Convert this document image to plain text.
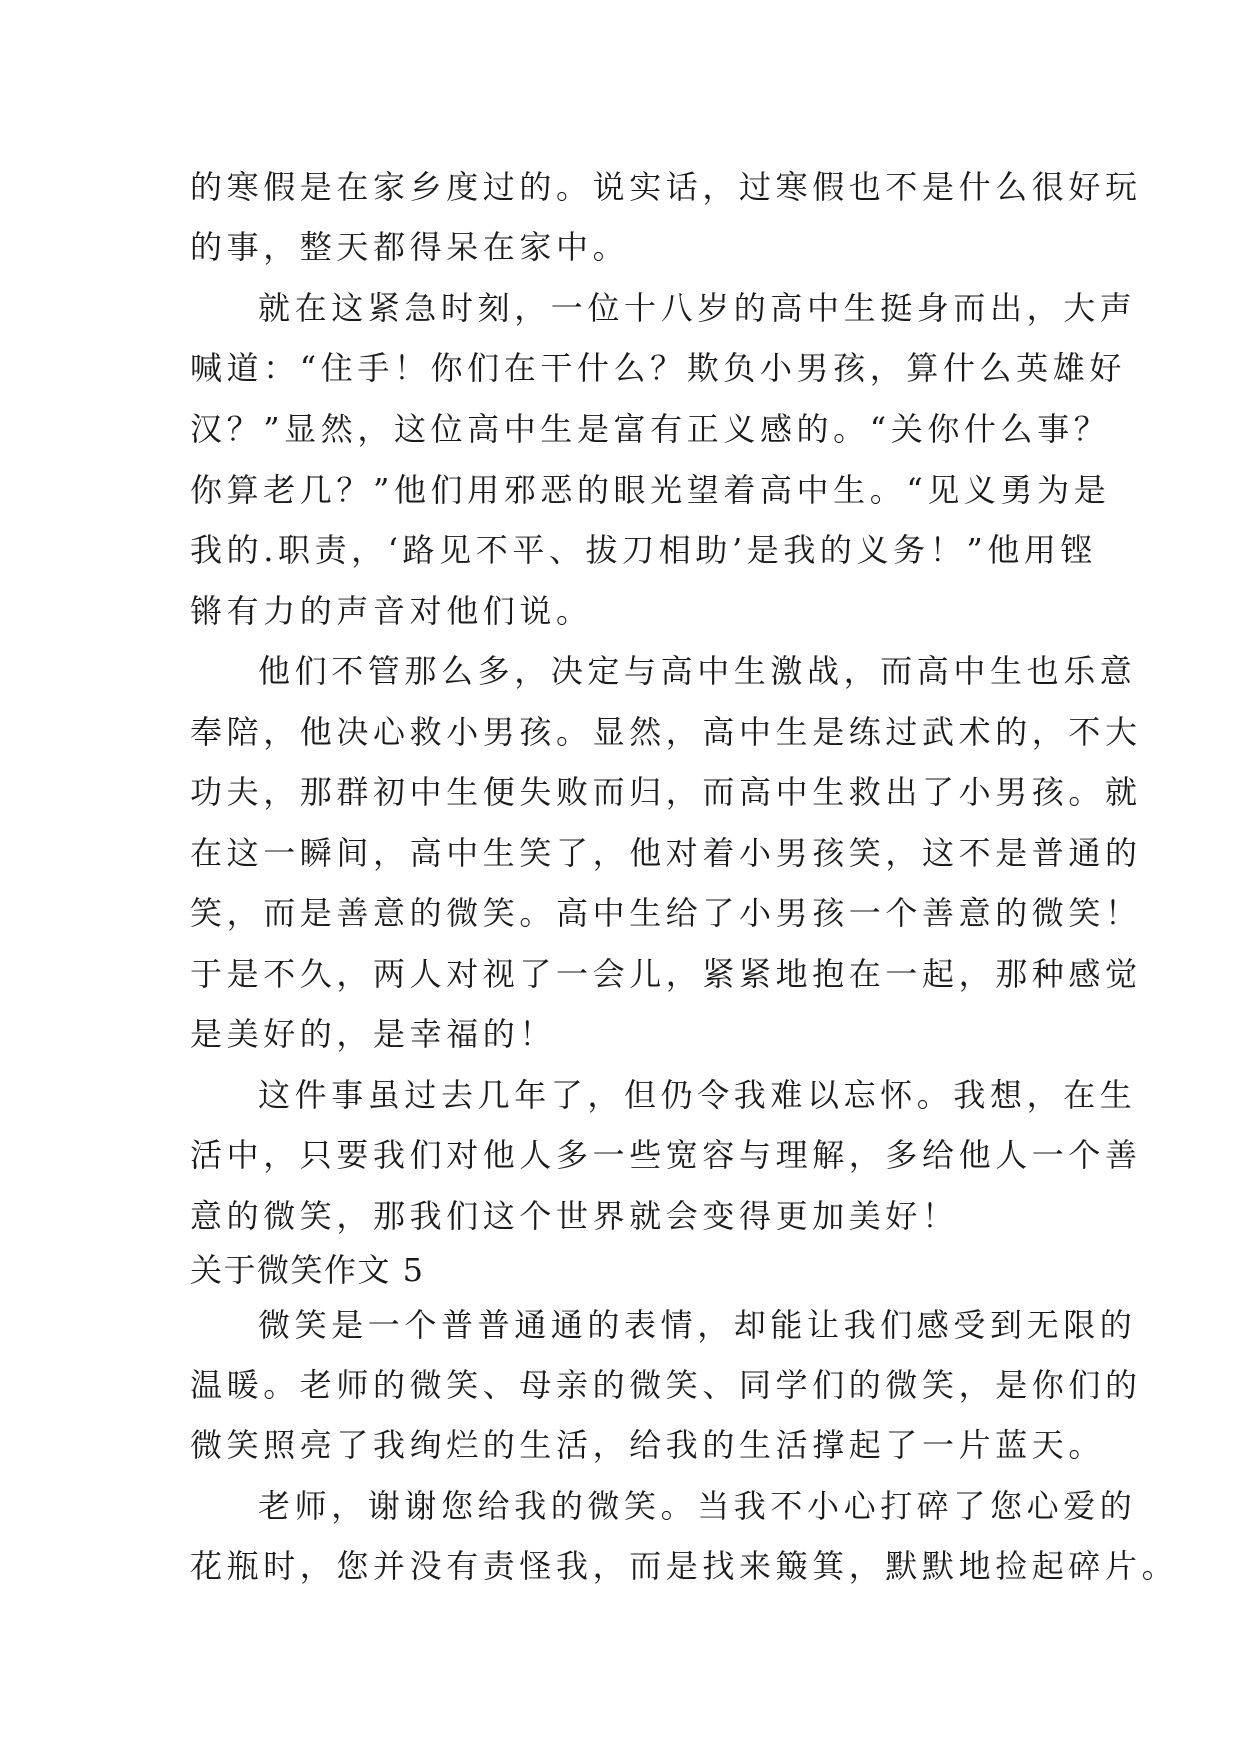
的寒假是在家乡度过的。说实话，过寒假也不是什么很好玩
的事，整天都得呆在家中。
就在这紧急时刻，一位十八岁的高中生挺身而出，大声
喊道：“住手！你们在干什么？欺负小男孩，算什么英雄好
汉？”显然，这位高中生是富有正义感的。“关你什么事？
你算老几？”他们用邪恶的眼光望着高中生。“见义勇为是
我的.职责，‘路见不平、拔刀相助’是我的义务！”他用铿
锵有力的声音对他们说。
他们不管那么多，决定与高中生激战，而高中生也乐意
奉陪，他决心救小男孩。显然，高中生是练过武术的，不大
功夫，那群初中生便失败而归，而高中生救出了小男孩。就
在这一瞬间，高中生笑了，他对着小男孩笑，这不是普通的
笑，而是善意的微笑。高中生给了小男孩一个善意的微笑！
于是不久，两人对视了一会儿，紧紧地抱在一起，那种感觉
是美好的，是幸福的！
这件事虽过去几年了，但仍令我难以忘怀。我想，在生
活中，只要我们对他人多一些宽容与理解，多给他人一个善
意的微笑，那我们这个世界就会变得更加美好！
关于微笑作文 5
微笑是一个普普通通的表情，却能让我们感受到无限的
温暖。老师的微笑、母亲的微笑、同学们的微笑，是你们的
微笑照亮了我绚烂的生活，给我的生活撑起了一片蓝天。
老师，谢谢您给我的微笑。当我不小心打碎了您心爱的
花瓶时，您并没有责怪我，而是找来簸箕，默默地捡起碎片。
